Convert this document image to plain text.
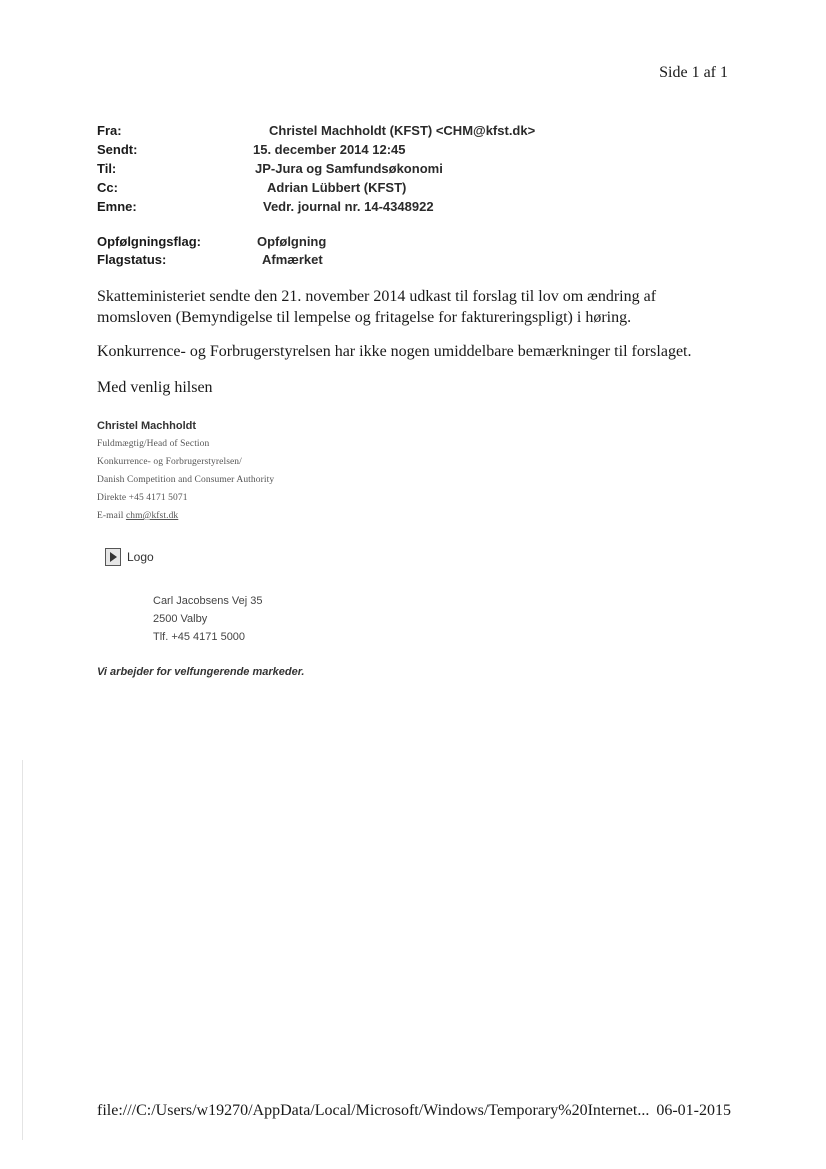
Side 1 af 1
Fra:	Christel Machholdt (KFST) <CHM@kfst.dk>
Sendt:	15. december 2014 12:45
Til:	JP-Jura og Samfundsøkonomi
Cc:	Adrian Lübbert (KFST)
Emne:	Vedr. journal nr. 14-4348922
Opfølgningsflag:	Opfølgning
Flagstatus:	Afmærket
Skatteministeriet sendte den 21. november 2014 udkast til forslag til lov om ændring af momsloven (Bemyndigelse til lempelse og fritagelse for faktureringspligt) i høring.
Konkurrence- og Forbrugerstyrelsen har ikke nogen umiddelbare bemærkninger til forslaget.
Med venlig hilsen
Christel Machholdt
Fuldmægtig/Head of Section
Konkurrence- og Forbrugerstyrelsen/
Danish Competition and Consumer Authority
Direkte +45 4171 5071
E-mail chm@kfst.dk
Logo
Carl Jacobsens Vej 35
2500 Valby
Tlf. +45 4171 5000
Vi arbejder for velfungerende markeder.
file:///C:/Users/w19270/AppData/Local/Microsoft/Windows/Temporary%20Internet... 06-01-2015
